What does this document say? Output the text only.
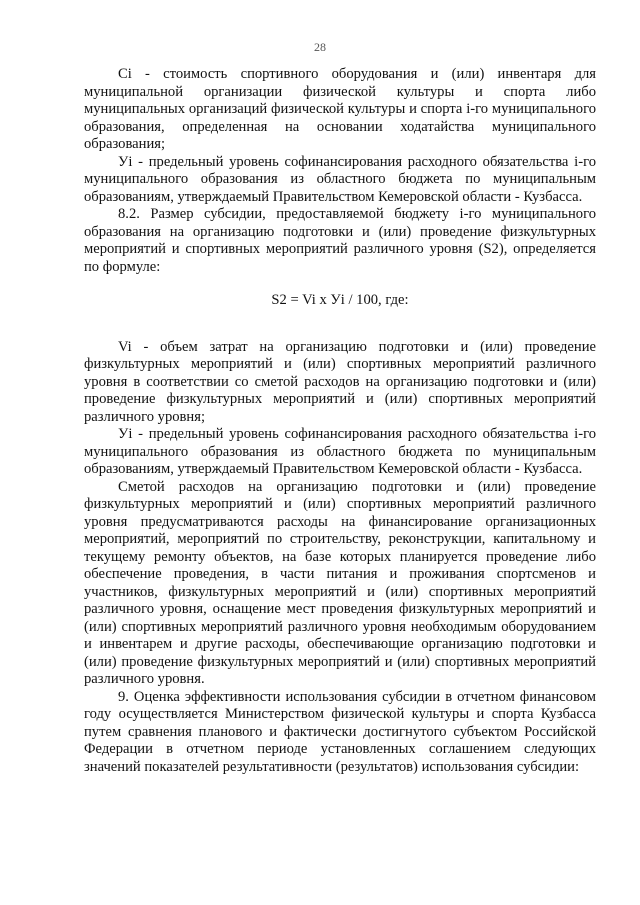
28

Ci - стоимость спортивного оборудования и (или) инвентаря для муниципальной организации физической культуры и спорта либо муниципальных организаций физической культуры и спорта i-го муниципального образования, определенная на основании ходатайства муниципального образования;

Уi - предельный уровень софинансирования расходного обязательства i-го муниципального образования из областного бюджета по муниципальным образованиям, утверждаемый Правительством Кемеровской области - Кузбасса.

8.2. Размер субсидии, предоставляемой бюджету i-го муниципального образования на организацию подготовки и (или) проведение физкультурных мероприятий и спортивных мероприятий различного уровня (S2), определяется по формуле:

S2 = Vi x Уi / 100, где:

Vi - объем затрат на организацию подготовки и (или) проведение физкультурных мероприятий и (или) спортивных мероприятий различного уровня в соответствии со сметой расходов на организацию подготовки и (или) проведение физкультурных мероприятий и (или) спортивных мероприятий различного уровня;

Уi - предельный уровень софинансирования расходного обязательства i-го муниципального образования из областного бюджета по муниципальным образованиям, утверждаемый Правительством Кемеровской области - Кузбасса.

Сметой расходов на организацию подготовки и (или) проведение физкультурных мероприятий и (или) спортивных мероприятий различного уровня предусматриваются расходы на финансирование организационных мероприятий, мероприятий по строительству, реконструкции, капитальному и текущему ремонту объектов, на базе которых планируется проведение либо обеспечение проведения, в части питания и проживания спортсменов и участников, физкультурных мероприятий и (или) спортивных мероприятий различного уровня, оснащение мест проведения физкультурных мероприятий и (или) спортивных мероприятий различного уровня необходимым оборудованием и инвентарем и другие расходы, обеспечивающие организацию подготовки и (или) проведение физкультурных мероприятий и (или) спортивных мероприятий различного уровня.

9. Оценка эффективности использования субсидии в отчетном финансовом году осуществляется Министерством физической культуры и спорта Кузбасса путем сравнения планового и фактически достигнутого субъектом Российской Федерации в отчетном периоде установленных соглашением следующих значений показателей результативности (результатов) использования субсидии:
